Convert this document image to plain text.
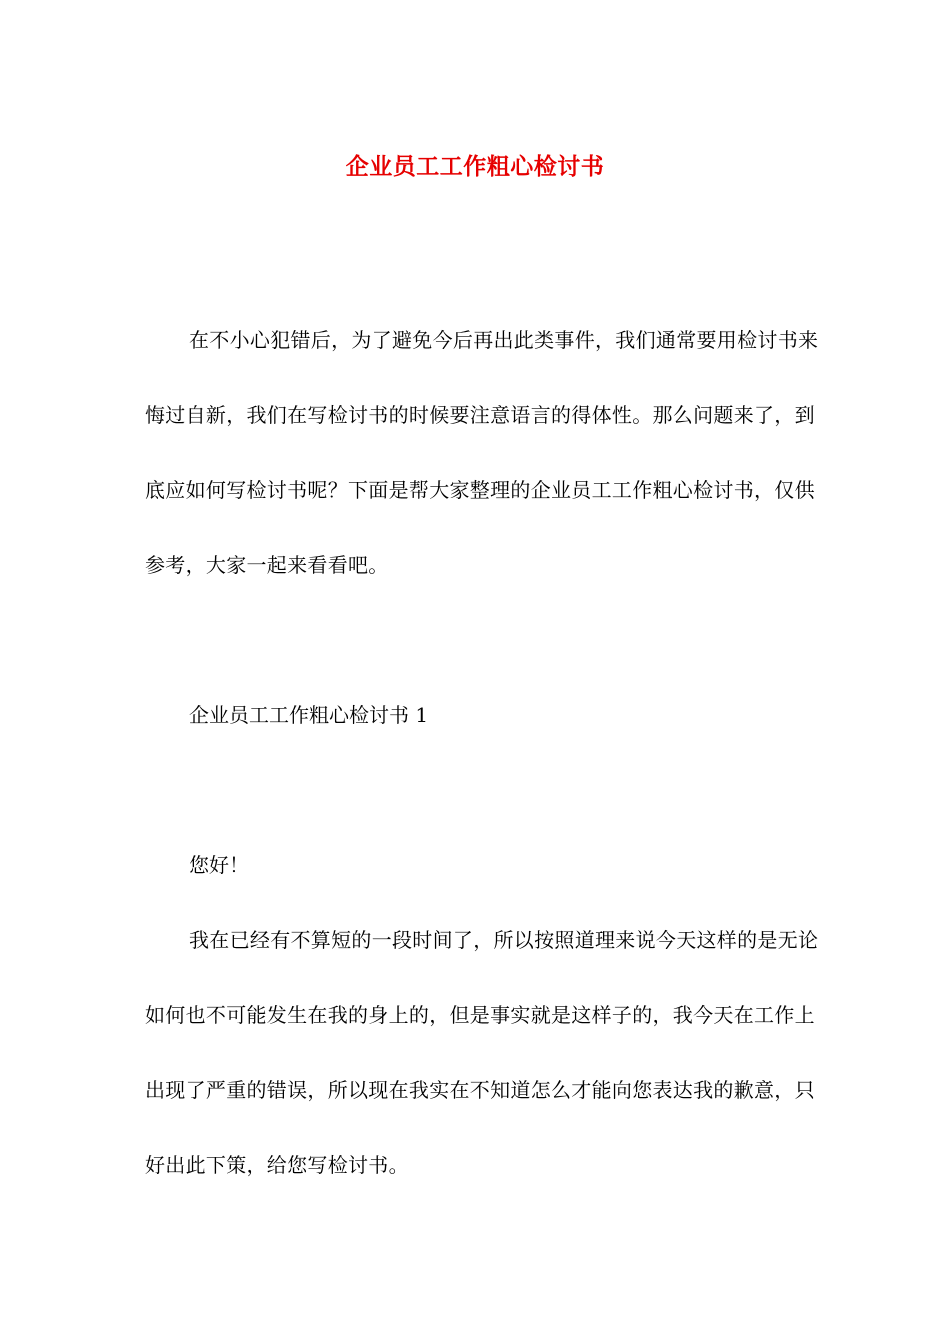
企业员工工作粗心检讨书

在不小心犯错后，为了避免今后再出此类事件，我们通常要用检讨书来悔过自新，我们在写检讨书的时候要注意语言的得体性。那么问题来了，到底应如何写检讨书呢？下面是帮大家整理的企业员工工作粗心检讨书，仅供参考，大家一起来看看吧。

企业员工工作粗心检讨书 1

您好！

我在已经有不算短的一段时间了，所以按照道理来说今天这样的是无论如何也不可能发生在我的身上的，但是事实就是这样子的，我今天在工作上出现了严重的错误，所以现在我实在不知道怎么才能向您表达我的歉意，只好出此下策，给您写检讨书。
